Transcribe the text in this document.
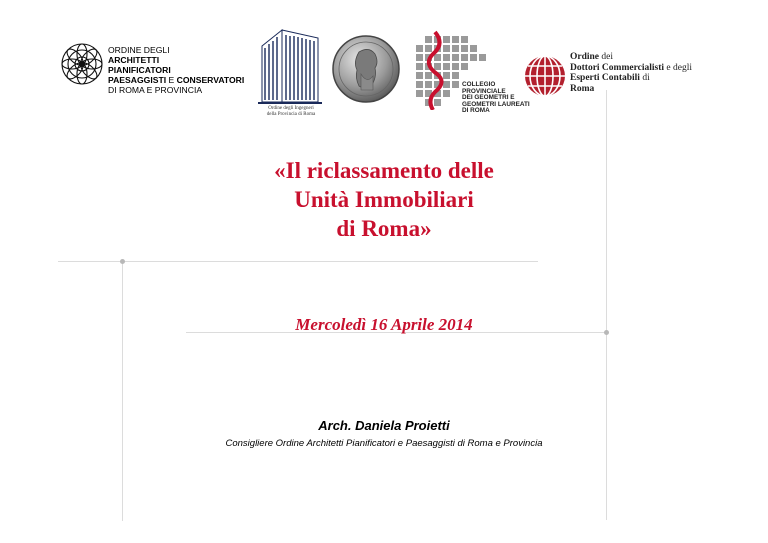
ORDINE DEGLI
ARCHITETTI
PIANIFICATORI
PAESAGGISTI E CONSERVATORI
DI ROMA E PROVINCIA
Ordine degli Ingegneri
della Provincia di Roma
COLLEGIO
PROVINCIALE
DEI GEOMETRI E
GEOMETRI LAUREATI
DI ROMA
Ordine dei
Dottori Commercialisti e degli
Esperti Contabili di
Roma
«Il riclassamento delle
Unità Immobiliari
di Roma»
Mercoledì 16 Aprile 2014
Arch. Daniela Proietti
Consigliere Ordine Architetti Pianificatori e Paesaggisti di Roma e Provincia
